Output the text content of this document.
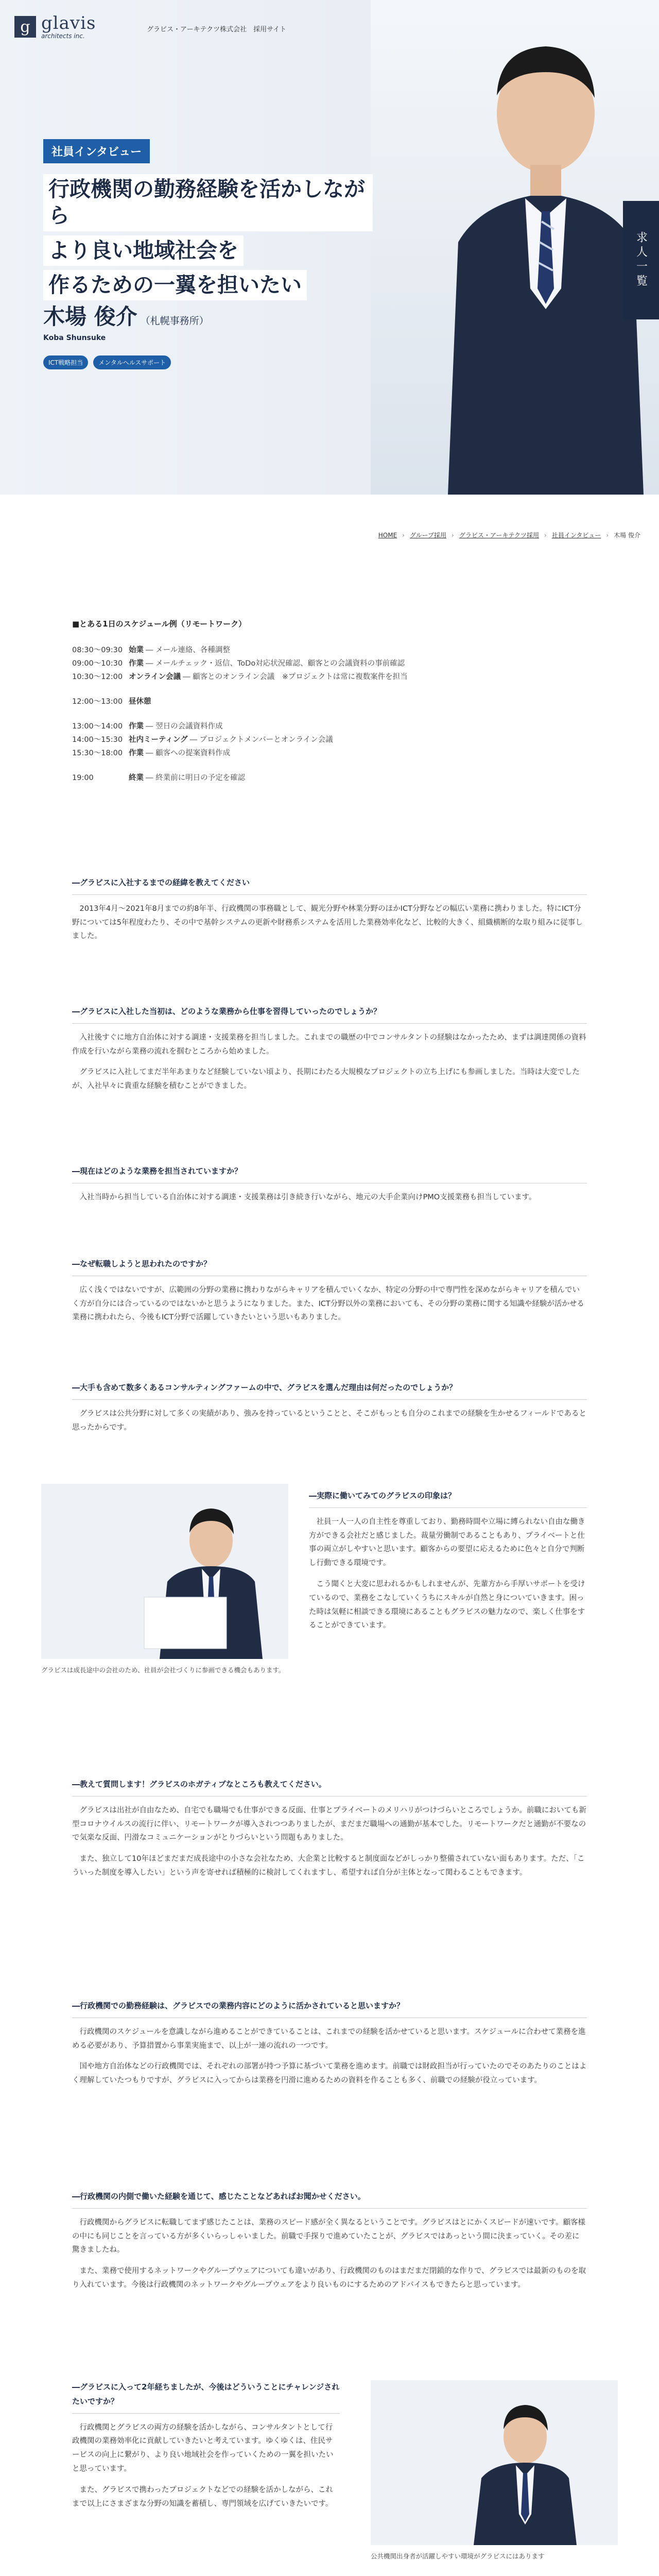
g glavis
architects inc.
グラビス・アーキテクツ株式会社　採用サイト
社員インタビュー
行政機関の勤務経験を活かしながら
より良い地域社会を
作るための一翼を担いたい
木場 俊介 （札幌事務所）
Koba Shunsuke
ICT戦略担当	メンタルヘルスサポート
求人一覧
HOME › グループ採用 › グラビス・アーキテクツ採用 › 社員インタビュー › 木場 俊介
■とある1日のスケジュール例（リモートワーク）
08:30〜09:30 始業 ― メール連絡、各種調整
09:00〜10:30 作業 ― メールチェック・返信、ToDo対応状況確認、顧客との会議資料の事前確認
10:30〜12:00 オンライン会議 ― 顧客とのオンライン会議　※プロジェクトは常に複数案件を担当
12:00〜13:00 昼休憩
13:00〜14:00 作業 ― 翌日の会議資料作成
14:00〜15:30 社内ミーティング ― プロジェクトメンバーとオンライン会議
15:30〜18:00 作業 ― 顧客への提案資料作成
19:00	終業 ― 終業前に明日の予定を確認
―グラビスに入社するまでの経緯を教えてください
2013年4月〜2021年8月までの約8年半、行政機関の事務職として、観光分野や林業分野のほかICT分野などの幅広い業務に携わりました。特にICT分野については5年程度わたり、その中で基幹システムの更新や財務系システムを活用した業務効率化など、比較的大きく、組織横断的な取り組みに従事しました。
―グラビスに入社した当初は、どのような業務から仕事を習得していったのでしょうか？
入社後すぐに地方自治体に対する調達・支援業務を担当しました。これまでの職歴の中でコンサルタントの経験はなかったため、まずは調達関係の資料作成を行いながら業務の流れを掴むところから始めました。
グラビスに入社してまだ半年あまりなど経験していない頃より、長期にわたる大規模なプロジェクトの立ち上げにも参画しました。当時は大変でしたが、入社早々に貴重な経験を積むことができました。
―現在はどのような業務を担当されていますか？
入社当時から担当している自治体に対する調達・支援業務は引き続き行いながら、地元の大手企業向けPMO支援業務も担当しています。
―なぜ転職しようと思われたのですか？
広く浅くではないですが、広範囲の分野の業務に携わりながらキャリアを積んでいくなか、特定の分野の中で専門性を深めながらキャリアを積んでいく方が自分には合っているのではないかと思うようになりました。また、ICT分野以外の業務においても、その分野の業務に関する知識や経験が活かせる業務に携われたら、今後もICT分野で活躍していきたいという思いもありました。
―大手も含めて数多くあるコンサルティングファームの中で、グラビスを選んだ理由は何だったのでしょうか？
グラビスは公共分野に対して多くの実績があり、強みを持っているということと、そこがもっとも自分のこれまでの経験を生かせるフィールドであると思ったからです。
グラビスは成長途中の会社のため、社員が会社づくりに参画できる機会もあります。
―実際に働いてみてのグラビスの印象は？
社員一人一人の自主性を尊重しており、勤務時間や立場に縛られない自由な働き方ができる会社だと感じました。裁量労働制であることもあり、プライベートと仕事の両立がしやすいと思います。顧客からの要望に応えるために色々と自分で判断し行動できる環境です。
こう聞くと大変に思われるかもしれませんが、先輩方から手厚いサポートを受けているので、業務をこなしていくうちにスキルが自然と身についていきます。困った時は気軽に相談できる環境にあることもグラビスの魅力なので、楽しく仕事をすることができています。
―教えて質問します！グラビスのホガティブなところも教えてください。
グラビスは出社が自由なため、自宅でも職場でも仕事ができる反面、仕事とプライベートのメリハリがつけづらいところでしょうか。前職においても新型コロナウイルスの流行に伴い、リモートワークが導入されつつありましたが、まだまだ職場への通勤が基本でした。リモートワークだと通勤が不要なので気楽な反面、円滑なコミュニケーションがとりづらいという問題もありました。
また、独立して10年ほどまだまだ成長途中の小さな会社なため、大企業と比較すると制度面などがしっかり整備されていない面もあります。ただ、「こういった制度を導入したい」という声を寄せれば積極的に検討してくれますし、希望すれば自分が主体となって関わることもできます。
―行政機関での勤務経験は、グラビスでの業務内容にどのように活かされていると思いますか？
行政機関のスケジュールを意識しながら進めることができていることは、これまでの経験を活かせていると思います。スケジュールに合わせて業務を進める必要があり、予算措置から事業実施まで、以上が一連の流れの一つです。
国や地方自治体などの行政機関では、それぞれの部署が持つ予算に基づいて業務を進めます。前職では財政担当が行っていたのでそのあたりのことはよく理解していたつもりですが、グラビスに入ってからは業務を円滑に進めるための資料を作ることも多く、前職での経験が役立っています。
―行政機関の内側で働いた経験を通じて、感じたことなどあればお聞かせください。
行政機関からグラビスに転職してまず感じたことは、業務のスピード感が全く異なるということです。グラビスはとにかくスピードが速いです。顧客様の中にも同じことを言っている方が多くいらっしゃいました。前職で手探りで進めていたことが、グラビスではあっという間に決まっていく。その差に驚きましたね。
また、業務で使用するネットワークやグループウェアについても違いがあり、行政機関のものはまだまだ閉鎖的な作りで、グラビスでは最新のものを取り入れています。今後は行政機関のネットワークやグループウェアをより良いものにするためのアドバイスもできたらと思っています。
―グラビスに入って2年経ちましたが、今後はどういうことにチャレンジされたいですか？
行政機関とグラビスの両方の経験を活かしながら、コンサルタントとして行政機関の業務効率化に貢献していきたいと考えています。ゆくゆくは、住民サービスの向上に繋がり、より良い地域社会を作っていくための一翼を担いたいと思っています。
また、グラビスで携わったプロジェクトなどでの経験を活かしながら、これまで以上にさまざまな分野の知識を蓄積し、専門領域を広げていきたいです。
公共機関出身者が活躍しやすい環境がグラビスにはあります
